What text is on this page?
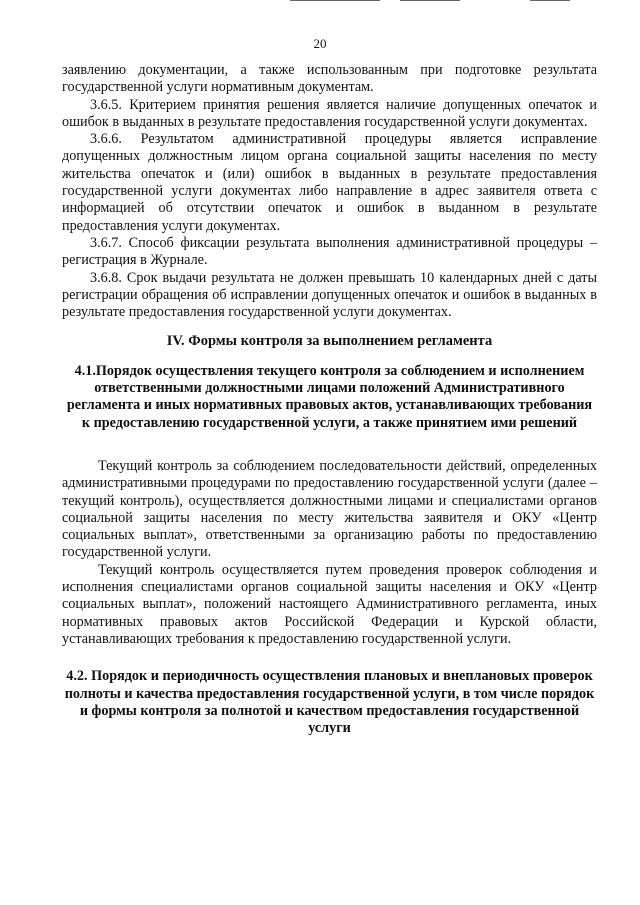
20

заявлению документации, а также использованным при подготовке результата государственной услуги нормативным документам.

3.6.5. Критерием принятия решения является наличие допущенных опечаток и ошибок в выданных в результате предоставления государственной услуги документах.

3.6.6. Результатом административной процедуры является исправление допущенных должностным лицом органа социальной защиты населения по месту жительства опечаток и (или) ошибок в выданных в результате предоставления государственной услуги документах либо направление в адрес заявителя ответа с информацией об отсутствии опечаток и ошибок в выданном в результате предоставления услуги документах.

3.6.7. Способ фиксации результата выполнения административной процедуры – регистрация в Журнале.

3.6.8. Срок выдачи результата не должен превышать 10 календарных дней с даты регистрации обращения об исправлении допущенных опечаток и ошибок в выданных в результате предоставления государственной услуги документах.

IV. Формы контроля за выполнением регламента

4.1.Порядок осуществления текущего контроля за соблюдением и исполнением ответственными должностными лицами положений Административного регламента и иных нормативных правовых актов, устанавливающих требования к предоставлению государственной услуги, а также принятием ими решений

Текущий контроль за соблюдением последовательности действий, определенных административными процедурами по предоставлению государственной услуги (далее – текущий контроль), осуществляется должностными лицами и специалистами органов социальной защиты населения по месту жительства заявителя и ОКУ «Центр социальных выплат», ответственными за организацию работы по предоставлению государственной услуги.

Текущий контроль осуществляется путем проведения проверок соблюдения и исполнения специалистами органов социальной защиты населения и ОКУ «Центр социальных выплат», положений настоящего Административного регламента, иных нормативных правовых актов Российской Федерации и Курской области, устанавливающих требования к предоставлению государственной услуги.

4.2. Порядок и периодичность осуществления плановых и внеплановых проверок полноты и качества предоставления государственной услуги, в том числе порядок и формы контроля за полнотой и качеством предоставления государственной услуги
